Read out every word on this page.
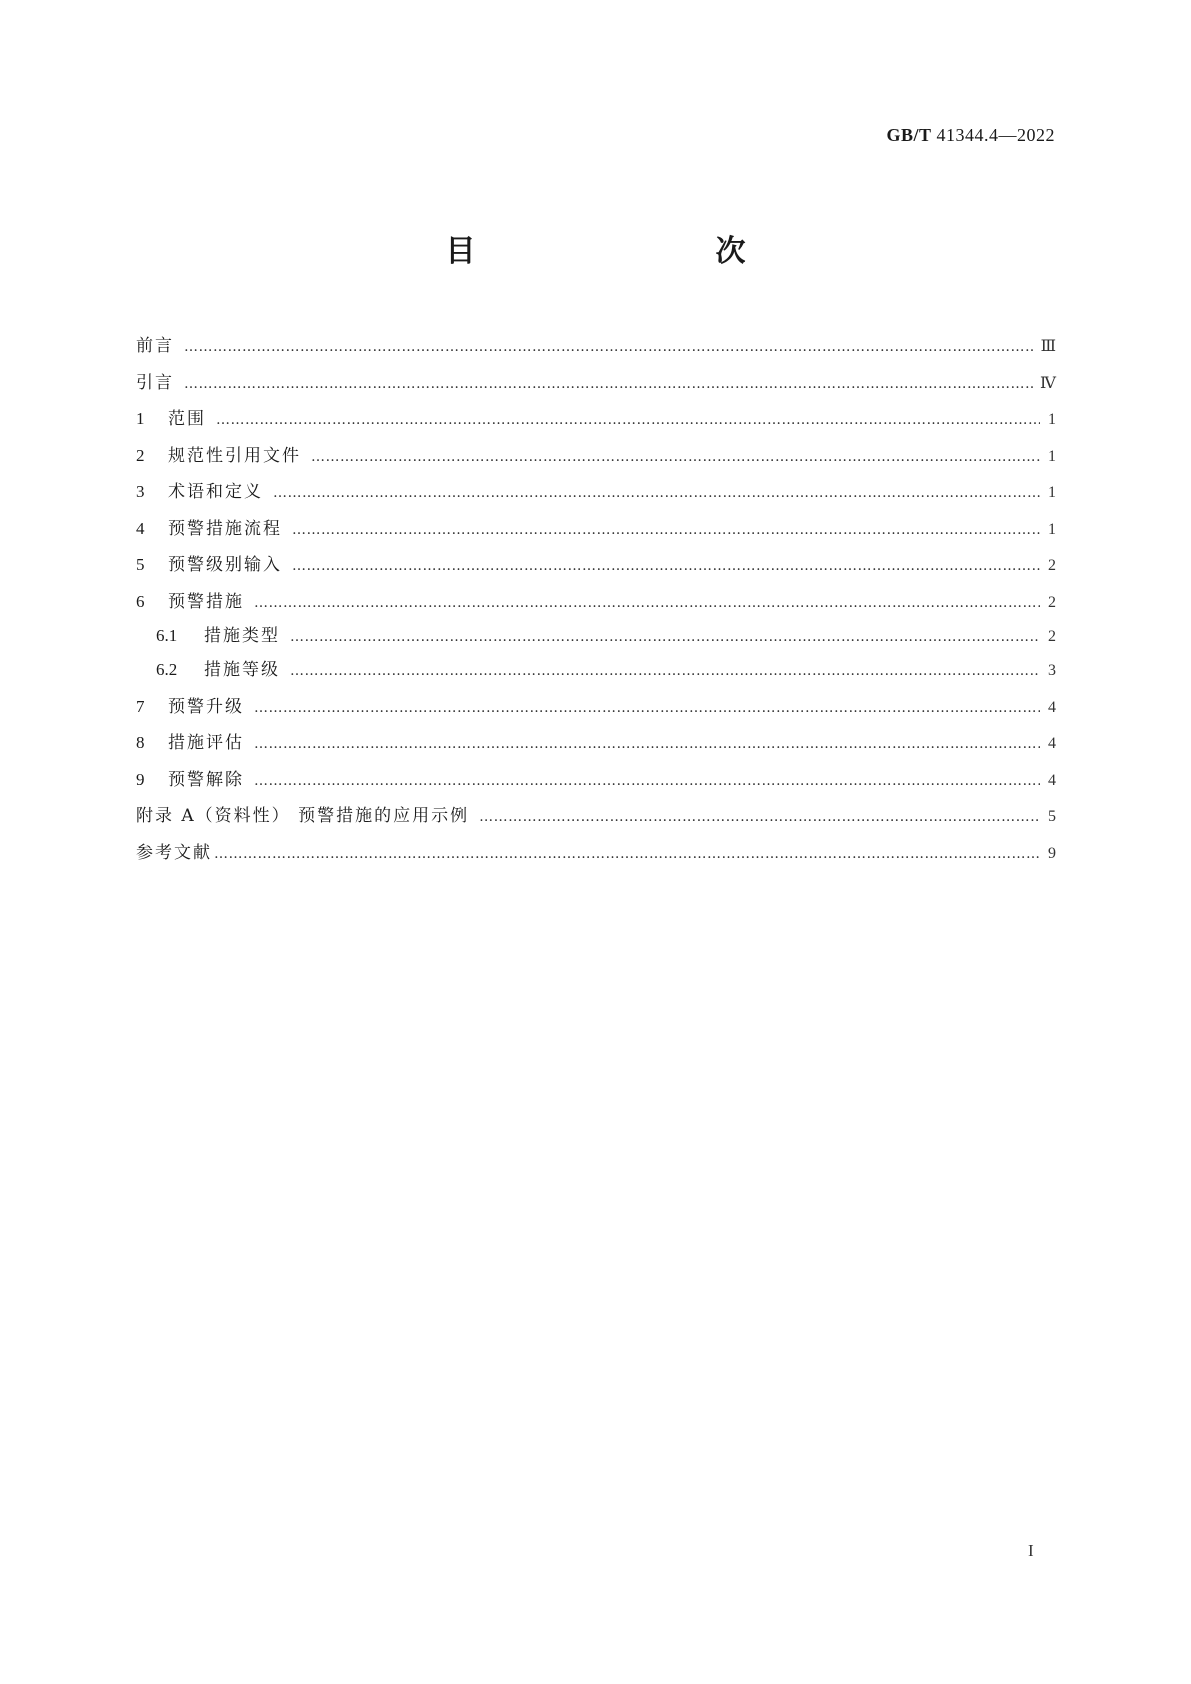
GB/T 41344.4—2022
目　　次
前言 …………………………………………………………………………………………………………………………………………………………………………………………………………………………………………………………	Ⅲ
引言 …………………………………………………………………………………………………………………………………………………………………………………………………………………………………………………………	Ⅳ
1	范围 …………………………………………………………………………………………………………………………………………………………………………………………………………………………………………………………	1
2	规范性引用文件 …………………………………………………………………………………………………………………………………………………………………………………………………………………………………………………………	1
3	术语和定义 …………………………………………………………………………………………………………………………………………………………………………………………………………………………………………………………	1
4	预警措施流程 …………………………………………………………………………………………………………………………………………………………………………………………………………………………………………………………	1
5	预警级别输入 …………………………………………………………………………………………………………………………………………………………………………………………………………………………………………………………	2
6	预警措施 …………………………………………………………………………………………………………………………………………………………………………………………………………………………………………………………	2
6.1	措施类型 …………………………………………………………………………………………………………………………………………………………………………………………………………………………………………………………	2
6.2	措施等级 …………………………………………………………………………………………………………………………………………………………………………………………………………………………………………………………	3
7	预警升级 …………………………………………………………………………………………………………………………………………………………………………………………………………………………………………………………	4
8	措施评估 …………………………………………………………………………………………………………………………………………………………………………………………………………………………………………………………	4
9	预警解除 …………………………………………………………………………………………………………………………………………………………………………………………………………………………………………………………	4
附录 A（资料性） 预警措施的应用示例 …………………………………………………………………………………………………………………………………………………………………………………………………………………………………………………………	5
参考文献 …………………………………………………………………………………………………………………………………………………………………………………………………………………………………………………………	9
I
